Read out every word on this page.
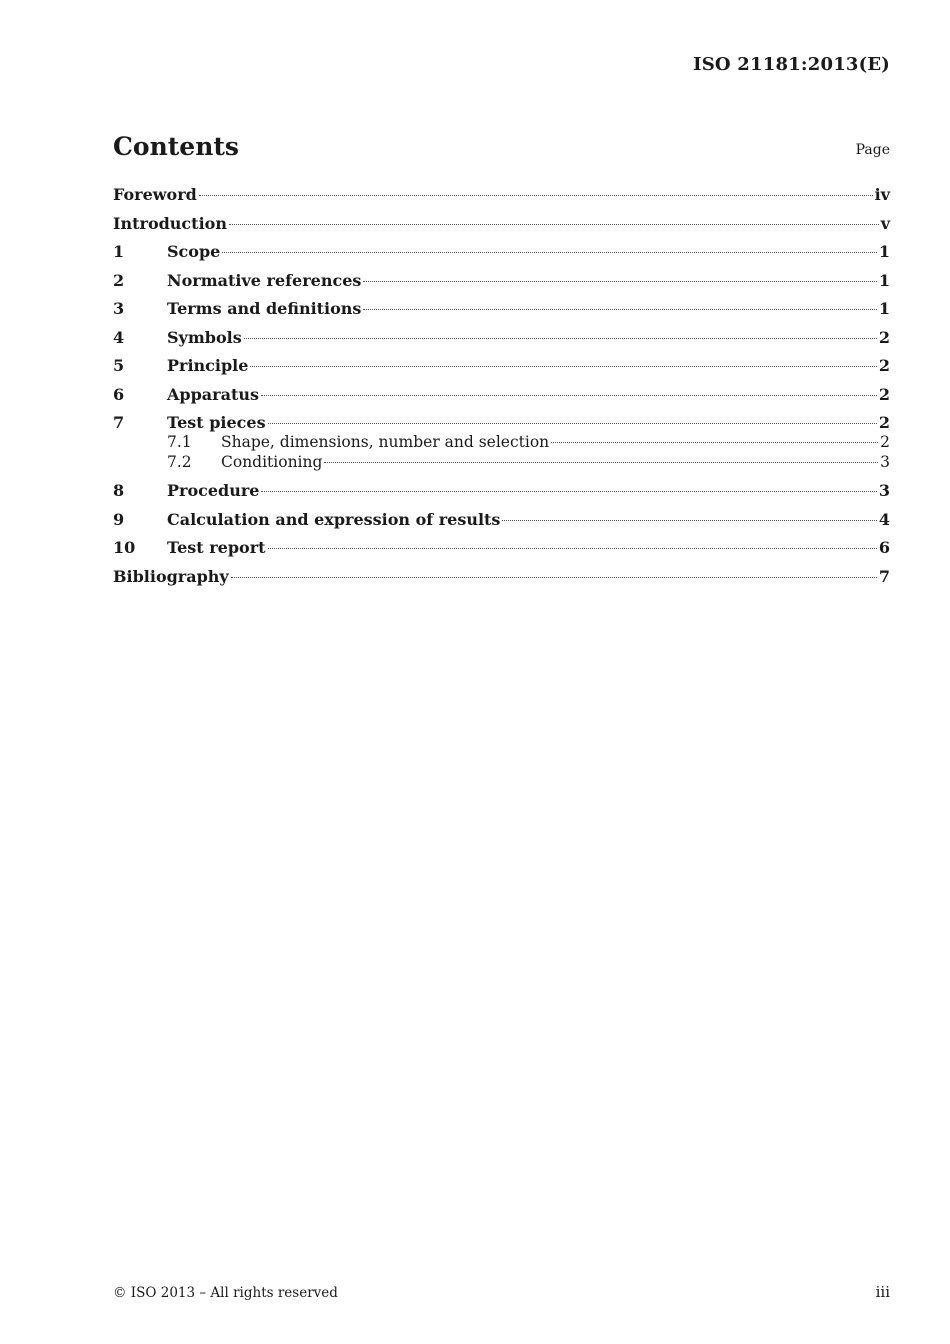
ISO 21181:2013(E)
Contents	Page
Foreword	iv
Introduction	v
1	Scope	1
2	Normative references	1
3	Terms and definitions	1
4	Symbols	2
5	Principle	2
6	Apparatus	2
7	Test pieces	2
7.1	Shape, dimensions, number and selection	2
7.2	Conditioning	3
8	Procedure	3
9	Calculation and expression of results	4
10	Test report	6
Bibliography	7
© ISO 2013 – All rights reserved	iii
